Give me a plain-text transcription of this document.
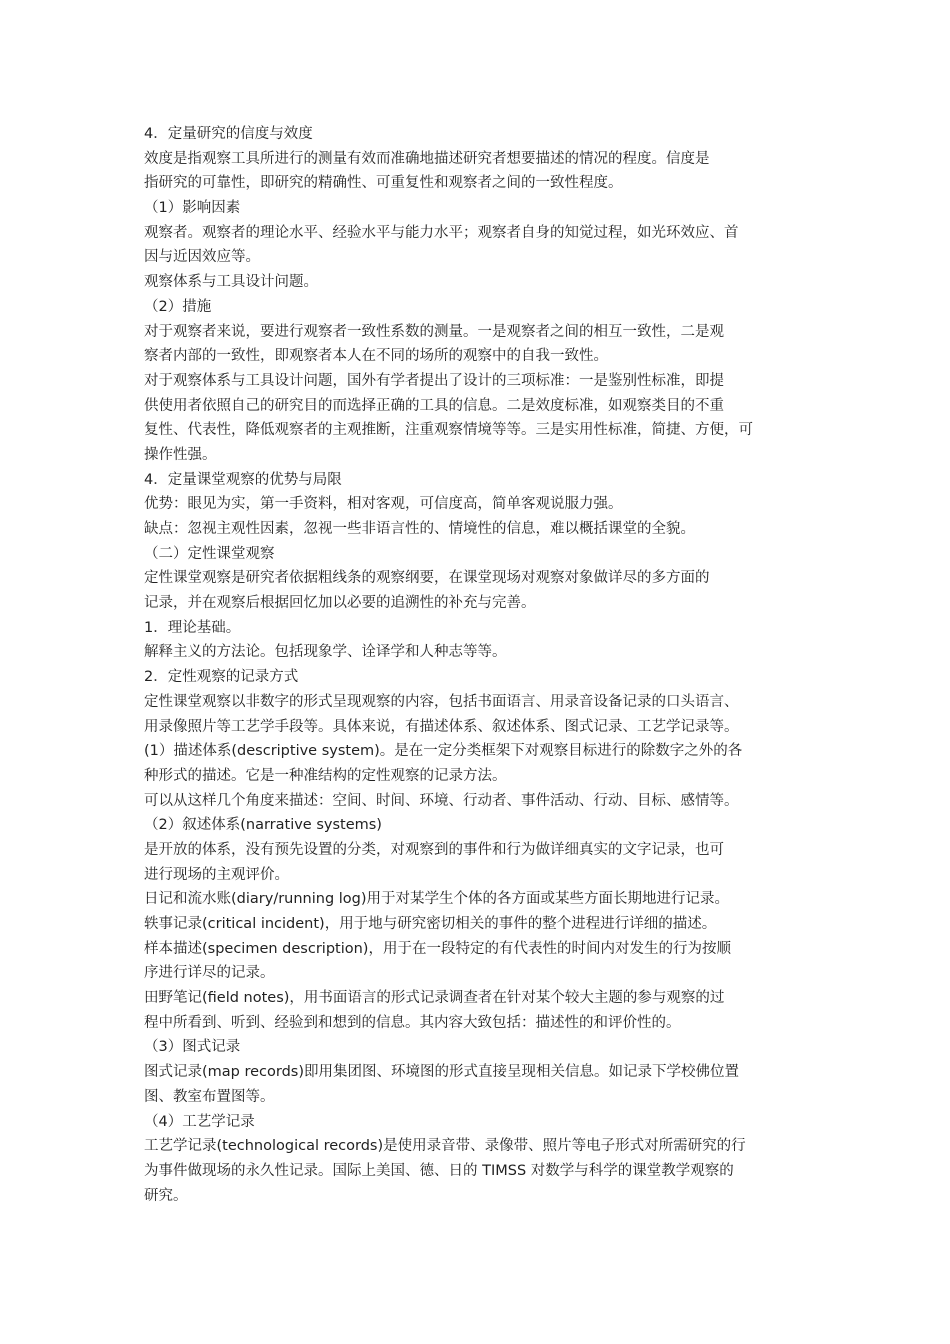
4．定量研究的信度与效度
效度是指观察工具所进行的测量有效而准确地描述研究者想要描述的情况的程度。信度是
指研究的可靠性，即研究的精确性、可重复性和观察者之间的一致性程度。
（1）影响因素
观察者。观察者的理论水平、经验水平与能力水平；观察者自身的知觉过程，如光环效应、首
因与近因效应等。
观察体系与工具设计问题。
（2）措施
对于观察者来说，要进行观察者一致性系数的测量。一是观察者之间的相互一致性，二是观
察者内部的一致性，即观察者本人在不同的场所的观察中的自我一致性。
对于观察体系与工具设计问题，国外有学者提出了设计的三项标准：一是鉴别性标准，即提
供使用者依照自己的研究目的而选择正确的工具的信息。二是效度标准，如观察类目的不重
复性、代表性，降低观察者的主观推断，注重观察情境等等。三是实用性标准，简捷、方便，可
操作性强。
4．定量课堂观察的优势与局限
优势：眼见为实，第一手资料，相对客观，可信度高，简单客观说服力强。
缺点：忽视主观性因素，忽视一些非语言性的、情境性的信息，难以概括课堂的全貌。
（二）定性课堂观察
定性课堂观察是研究者依据粗线条的观察纲要，在课堂现场对观察对象做详尽的多方面的
记录，并在观察后根据回忆加以必要的追溯性的补充与完善。
1．理论基础。
解释主义的方法论。包括现象学、诠译学和人种志等等。
2．定性观察的记录方式
定性课堂观察以非数字的形式呈现观察的内容，包括书面语言、用录音设备记录的口头语言、
用录像照片等工艺学手段等。具体来说，有描述体系、叙述体系、图式记录、工艺学记录等。
(1）描述体系(descriptive system)。是在一定分类框架下对观察目标进行的除数字之外的各
种形式的描述。它是一种准结构的定性观察的记录方法。
可以从这样几个角度来描述：空间、时间、环境、行动者、事件活动、行动、目标、感情等。
（2）叙述体系(narrative systems)
是开放的体系，没有预先设置的分类，对观察到的事件和行为做详细真实的文字记录，也可
进行现场的主观评价。
日记和流水账(diary/running log)用于对某学生个体的各方面或某些方面长期地进行记录。
轶事记录(critical incident)，用于地与研究密切相关的事件的整个进程进行详细的描述。
样本描述(specimen description)，用于在一段特定的有代表性的时间内对发生的行为按顺
序进行详尽的记录。
田野笔记(field notes)，用书面语言的形式记录调查者在针对某个较大主题的参与观察的过
程中所看到、听到、经验到和想到的信息。其内容大致包括：描述性的和评价性的。
（3）图式记录
图式记录(map records)即用集团图、环境图的形式直接呈现相关信息。如记录下学校佛位置
图、教室布置图等。
（4）工艺学记录
工艺学记录(technological records)是使用录音带、录像带、照片等电子形式对所需研究的行
为事件做现场的永久性记录。国际上美国、德、日的 TIMSS 对数学与科学的课堂教学观察的
研究。
